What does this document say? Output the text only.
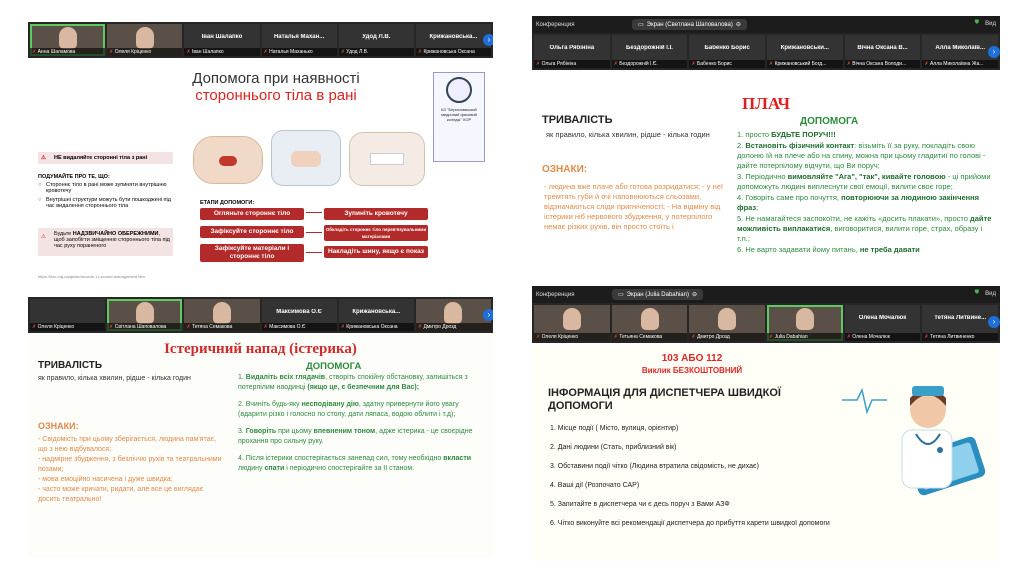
✗ Анна Шаламова	✗ Олеля Кріценко
Іван Шалапко
✗ Іван Шалапко
Наталья Махан...
✗ Наталья Маханько
Удод Л.В.
✗ Удод Л.В.
Крижановська...
✗ Крижановська Оксана
›
Допомога при наявності
стороннього тіла в рані
КЗ "Бериславський медичний фаховий коледж" ХОР
⚠ НЕ видаляйте сторонні тіла з рані
ПОДУМАЙТЕ ПРО ТЕ, ЩО:
○ Стороннє тіло в рані може зупиняти внутрішню кровотечу
○ Внутрішні структури можуть бути пошкоджені під час видалення стороннього тіла
⚠ Будьте НАДЗВИЧАЙНО ОБЕРЕЖНИМИ, щоб запобігти зміщенню стороннього тіла під час руху пораненого
ЕТАПИ ДОПОМОГИ:
Огляньте стороннє тіло
Зафіксуйте стороннє тіло
Зафіксуйте матеріали і стороннє тіло
Зупиніть кровотечу
Обкладіть стороннє тіло перев'язувальними матеріалами
Накладіть шину, якщо є показ
https://lsrc.org.ua/guide/module-11-wound-management.htm
Конференция	▭ Экран (Светлана Шаповалова) ⊖	⛊ Вид
Ольга Рябініна
✗ Ольга Рябініна
Бездорожній І.І.
✗ Бездорожній І.Є.
Бабенко Борис
✗ Бабенко Борис
Крижановськи...
✗ Крижановський Богд...
Вічна Оксана В...
✗ Вічна Оксана Володи...
Алла Миколаїв...
✗ Алла Миколаївна Жа...
›
ПЛАЧ
ТРИВАЛІСТЬ
як правило, кілька хвилин, рідше - кілька годин
ОЗНАКИ:
- людина вже плаче або готова розридатися; - у неї тремтять губи й очі наповнюються сльозами, відзначаються сліди пригніченості; - На відміну від істерики ніб нервового збудження, у потерпілого немає різких рухів, він просто стоїть і
ДОПОМОГА
1. просто БУДЬТЕ ПОРУЧ!!!
2. Встановіть фізичний контакт: візьміть її за руку, покладіть свою долоню їй на плече або на спину, можна при цьому гладитиї по голові - дайте потерпілому відчути, що Ви поруч;
3. Періодично вимовляйте "Ага", "так", кивайте головою - ці прийоми допоможуть людині виплеснути свої емоції, вилити своє горе;
4. Говоріть саме про почуття, повторюючи за людиною закінчення фраз;
5. Не намагайтеся заспокоїти, не кажіть «досить плакати», просто дайте можливість виплакатися, виговоритися, вилити горе, страх, образу і т.п.;
6. Не варто задавати йому питань, не треба давати
✗ Олеля Кріценко	✗ Світлана Шаповалова	✗ Тетяна Семакова
Максимова О.Є
✗ Максимова О.Є
Крижановська...
✗ Крижановська Оксана	✗ Дмитро Дрозд
›
Істеричний напад (істерика)
ТРИВАЛІСТЬ
як правило, кілька хвилин, рідше - кілька годин
ОЗНАКИ:
- Свідомість при цьому зберігається, людина пам'ятає, що з нею відбувалося;
- надмірне збудження, з безліччю рухів та театральними позами;
- мова емоційно насичена і дуже швидка;
- часто може кричати, ридати, але все це виглядає досить театрально!
ДОПОМОГА
1. Видаліть всіх глядачів, створіть спокійну обстановку, залишіться з потерпілим наодинці (якщо це, є безпечним для Вас);
2. Вчиніть будь-яку несподівану дію, здатну привернути його увагу (вдарити різко і голосно по столу, дати ляпаса, водою облити і т.д);
3. Говоріть при цьому впевненим тоном, адже істерика - це своєрідне прохання про сильну руку.
4. Після істерики спостерігається занепад сил, тому необхідно вкласти людину спати і періодично спостерігайте за ІІ станом.
Конференция	▭ Экран (Julia Dabahian) ⊖	⛊ Вид
✗ Олеля Кріценко	✗ Тетьяна Семакова	✗ Дмитро Дрозд	✗ Julia Dabahian
Олена Мочалюк
✗ Олена Мочалюк
Тетяна Литвине...
✗ Тетяна Литвиненко
›
103 АБО 112
Виклик БЕЗКОШТОВНИЙ
ІНФОРМАЦІЯ ДЛЯ ДИСПЕТЧЕРА ШВИДКОЇ ДОПОМОГИ
1. Місце події ( Місто, вулиця, орієнтир)
2. Дані людини (Стать, приблизний вік)
3. Обставини події чітко (Людина втратила свідомість, не дихає)
4. Ваші дії (Розпочато САР)
5. Запитайте в диспетчера чи є десь поруч з Вами АЗФ
6. Чітко виконуйте всі рекомендації диспетчера до прибуття карети швидкої допомоги
